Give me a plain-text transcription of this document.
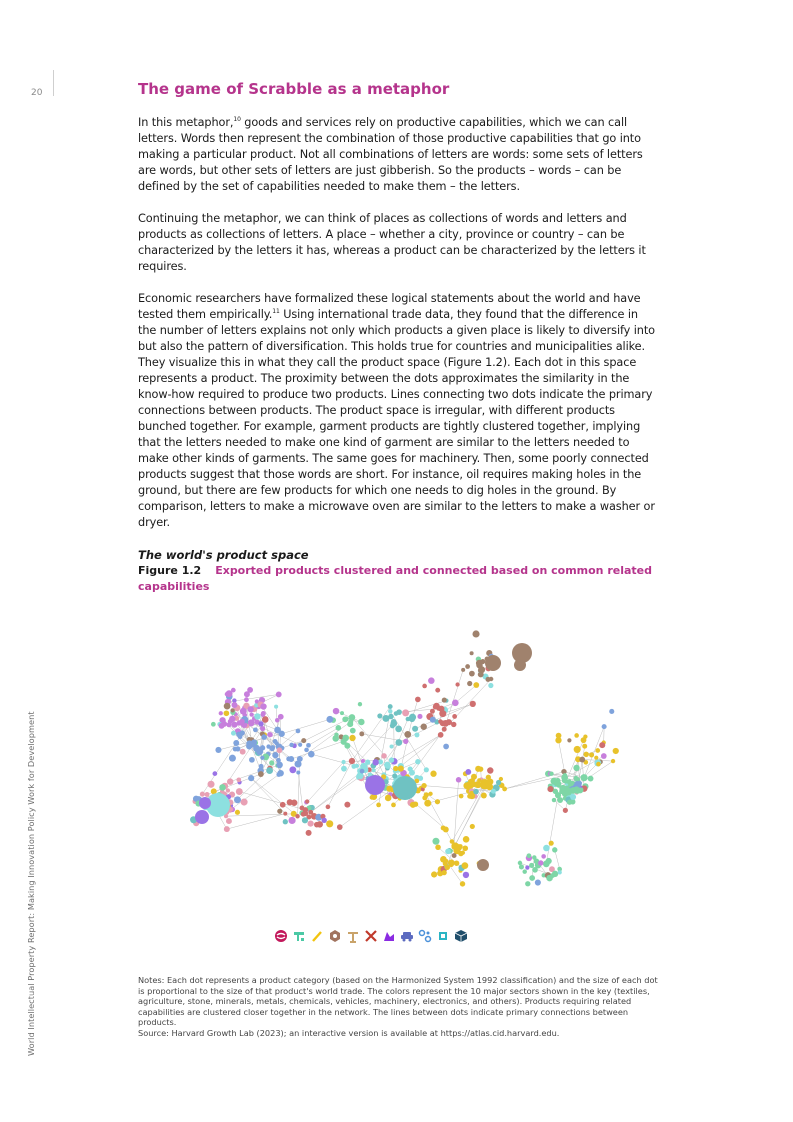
20
World Intellectual Property Report: Making Innovation Policy Work for Development
The game of Scrabble as a metaphor

In this metaphor,$^{10}$ goods and services rely on productive capabilities, which we can call letters. Words then represent the combination of those productive capabilities that go into making a particular product. Not all combinations of letters are words: some sets of letters are words, but other sets of letters are just gibberish. So the products – words – can be defined by the set of capabilities needed to make them – the letters.

Continuing the metaphor, we can think of places as collections of words and letters and products as collections of letters. A place – whether a city, province or country – can be characterized by the letters it has, whereas a product can be characterized by the letters it requires.

Economic researchers have formalized these logical statements about the world and have tested them empirically.$^{11}$ Using international trade data, they found that the difference in the number of letters explains not only which products a given place is likely to diversify into but also the pattern of diversification. This holds true for countries and municipalities alike. They visualize this in what they call the product space (Figure 1.2). Each dot in this space represents a product. The proximity between the dots approximates the similarity in the know-how required to produce two products. Lines connecting two dots indicate the primary connections between products. The product space is irregular, with different products bunched together. For example, garment products are tightly clustered together, implying that the letters needed to make one kind of garment are similar to the letters needed to make other kinds of garments. The same goes for machinery. Then, some poorly connected products suggest that those words are short. For instance, oil requires making holes in the ground, but there are few products for which one needs to dig holes in the ground. By comparison, letters to make a microwave oven are similar to the letters to make a washer or dryer.

The world's product space
Figure 1.2 Exported products clustered and connected based on common related capabilities
Notes: Each dot represents a product category (based on the Harmonized System 1992 classification) and the size of each dot is proportional to the size of that product's world trade. The colors represent the 10 major sectors shown in the key (textiles, agriculture, stone, minerals, metals, chemicals, vehicles, machinery, electronics, and others). Products requiring related capabilities are clustered closer together in the network. The lines between dots indicate primary connections between products.
Source: Harvard Growth Lab (2023); an interactive version is available at https://atlas.cid.harvard.edu.
